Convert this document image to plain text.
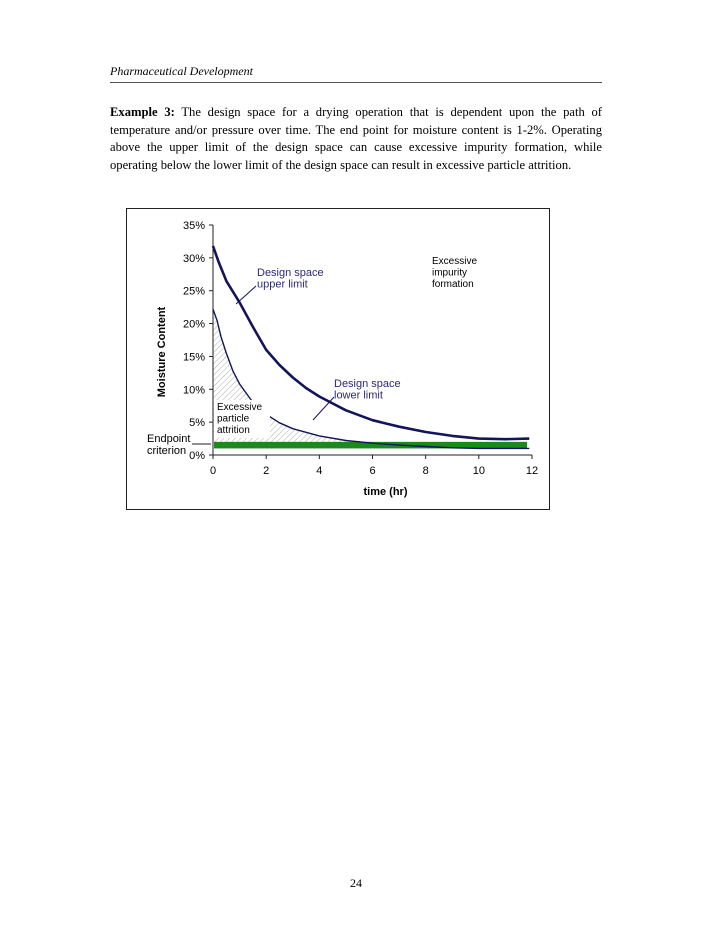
Pharmaceutical Development

Example 3: The design space for a drying operation that is dependent upon the path of temperature and/or pressure over time. The end point for moisture content is 1-2%. Operating above the upper limit of the design space can cause excessive impurity formation, while operating below the lower limit of the design space can result in excessive particle attrition.

0%
5%
10%
15%
20%
25%
30%
35%
0	2	4	6	8	10	12
time (hr)
Moisture Content
Design space upper limit
Design space lower limit
Excessive impurity formation
Excessive particle attrition
Endpoint criterion
24
